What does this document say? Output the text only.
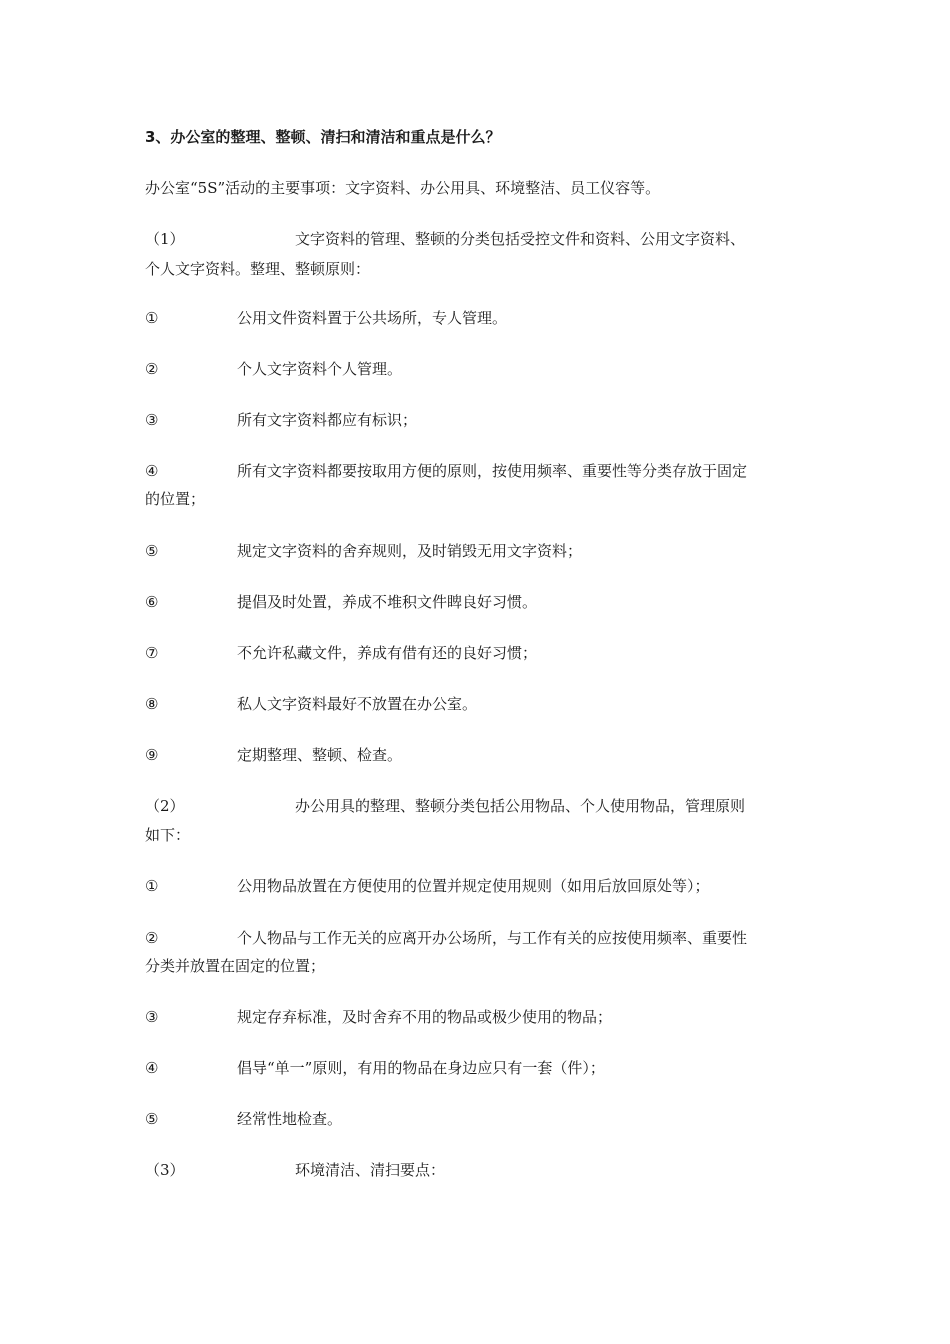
3、办公室的整理、整顿、清扫和清洁和重点是什么？
办公室“5S”活动的主要事项：文字资料、办公用具、环境整洁、员工仪容等。
（1）	文字资料的管理、整顿的分类包括受控文件和资料、公用文字资料、
个人文字资料。整理、整顿原则：
①	公用文件资料置于公共场所，专人管理。
②	个人文字资料个人管理。
③	所有文字资料都应有标识；
④	所有文字资料都要按取用方便的原则，按使用频率、重要性等分类存放于固定
的位置；
⑤	规定文字资料的舍弃规则，及时销毁无用文字资料；
⑥	提倡及时处置，养成不堆积文件睥良好习惯。
⑦	不允许私藏文件，养成有借有还的良好习惯；
⑧	私人文字资料最好不放置在办公室。
⑨	定期整理、整顿、检查。
（2）	办公用具的整理、整顿分类包括公用物品、个人使用物品，管理原则
如下：
①	公用物品放置在方便使用的位置并规定使用规则（如用后放回原处等）；
②	个人物品与工作无关的应离开办公场所，与工作有关的应按使用频率、重要性
分类并放置在固定的位置；
③	规定存弃标准，及时舍弃不用的物品或极少使用的物品；
④	倡导“单一”原则，有用的物品在身边应只有一套（件）；
⑤	经常性地检查。
（3）	环境清洁、清扫要点：
